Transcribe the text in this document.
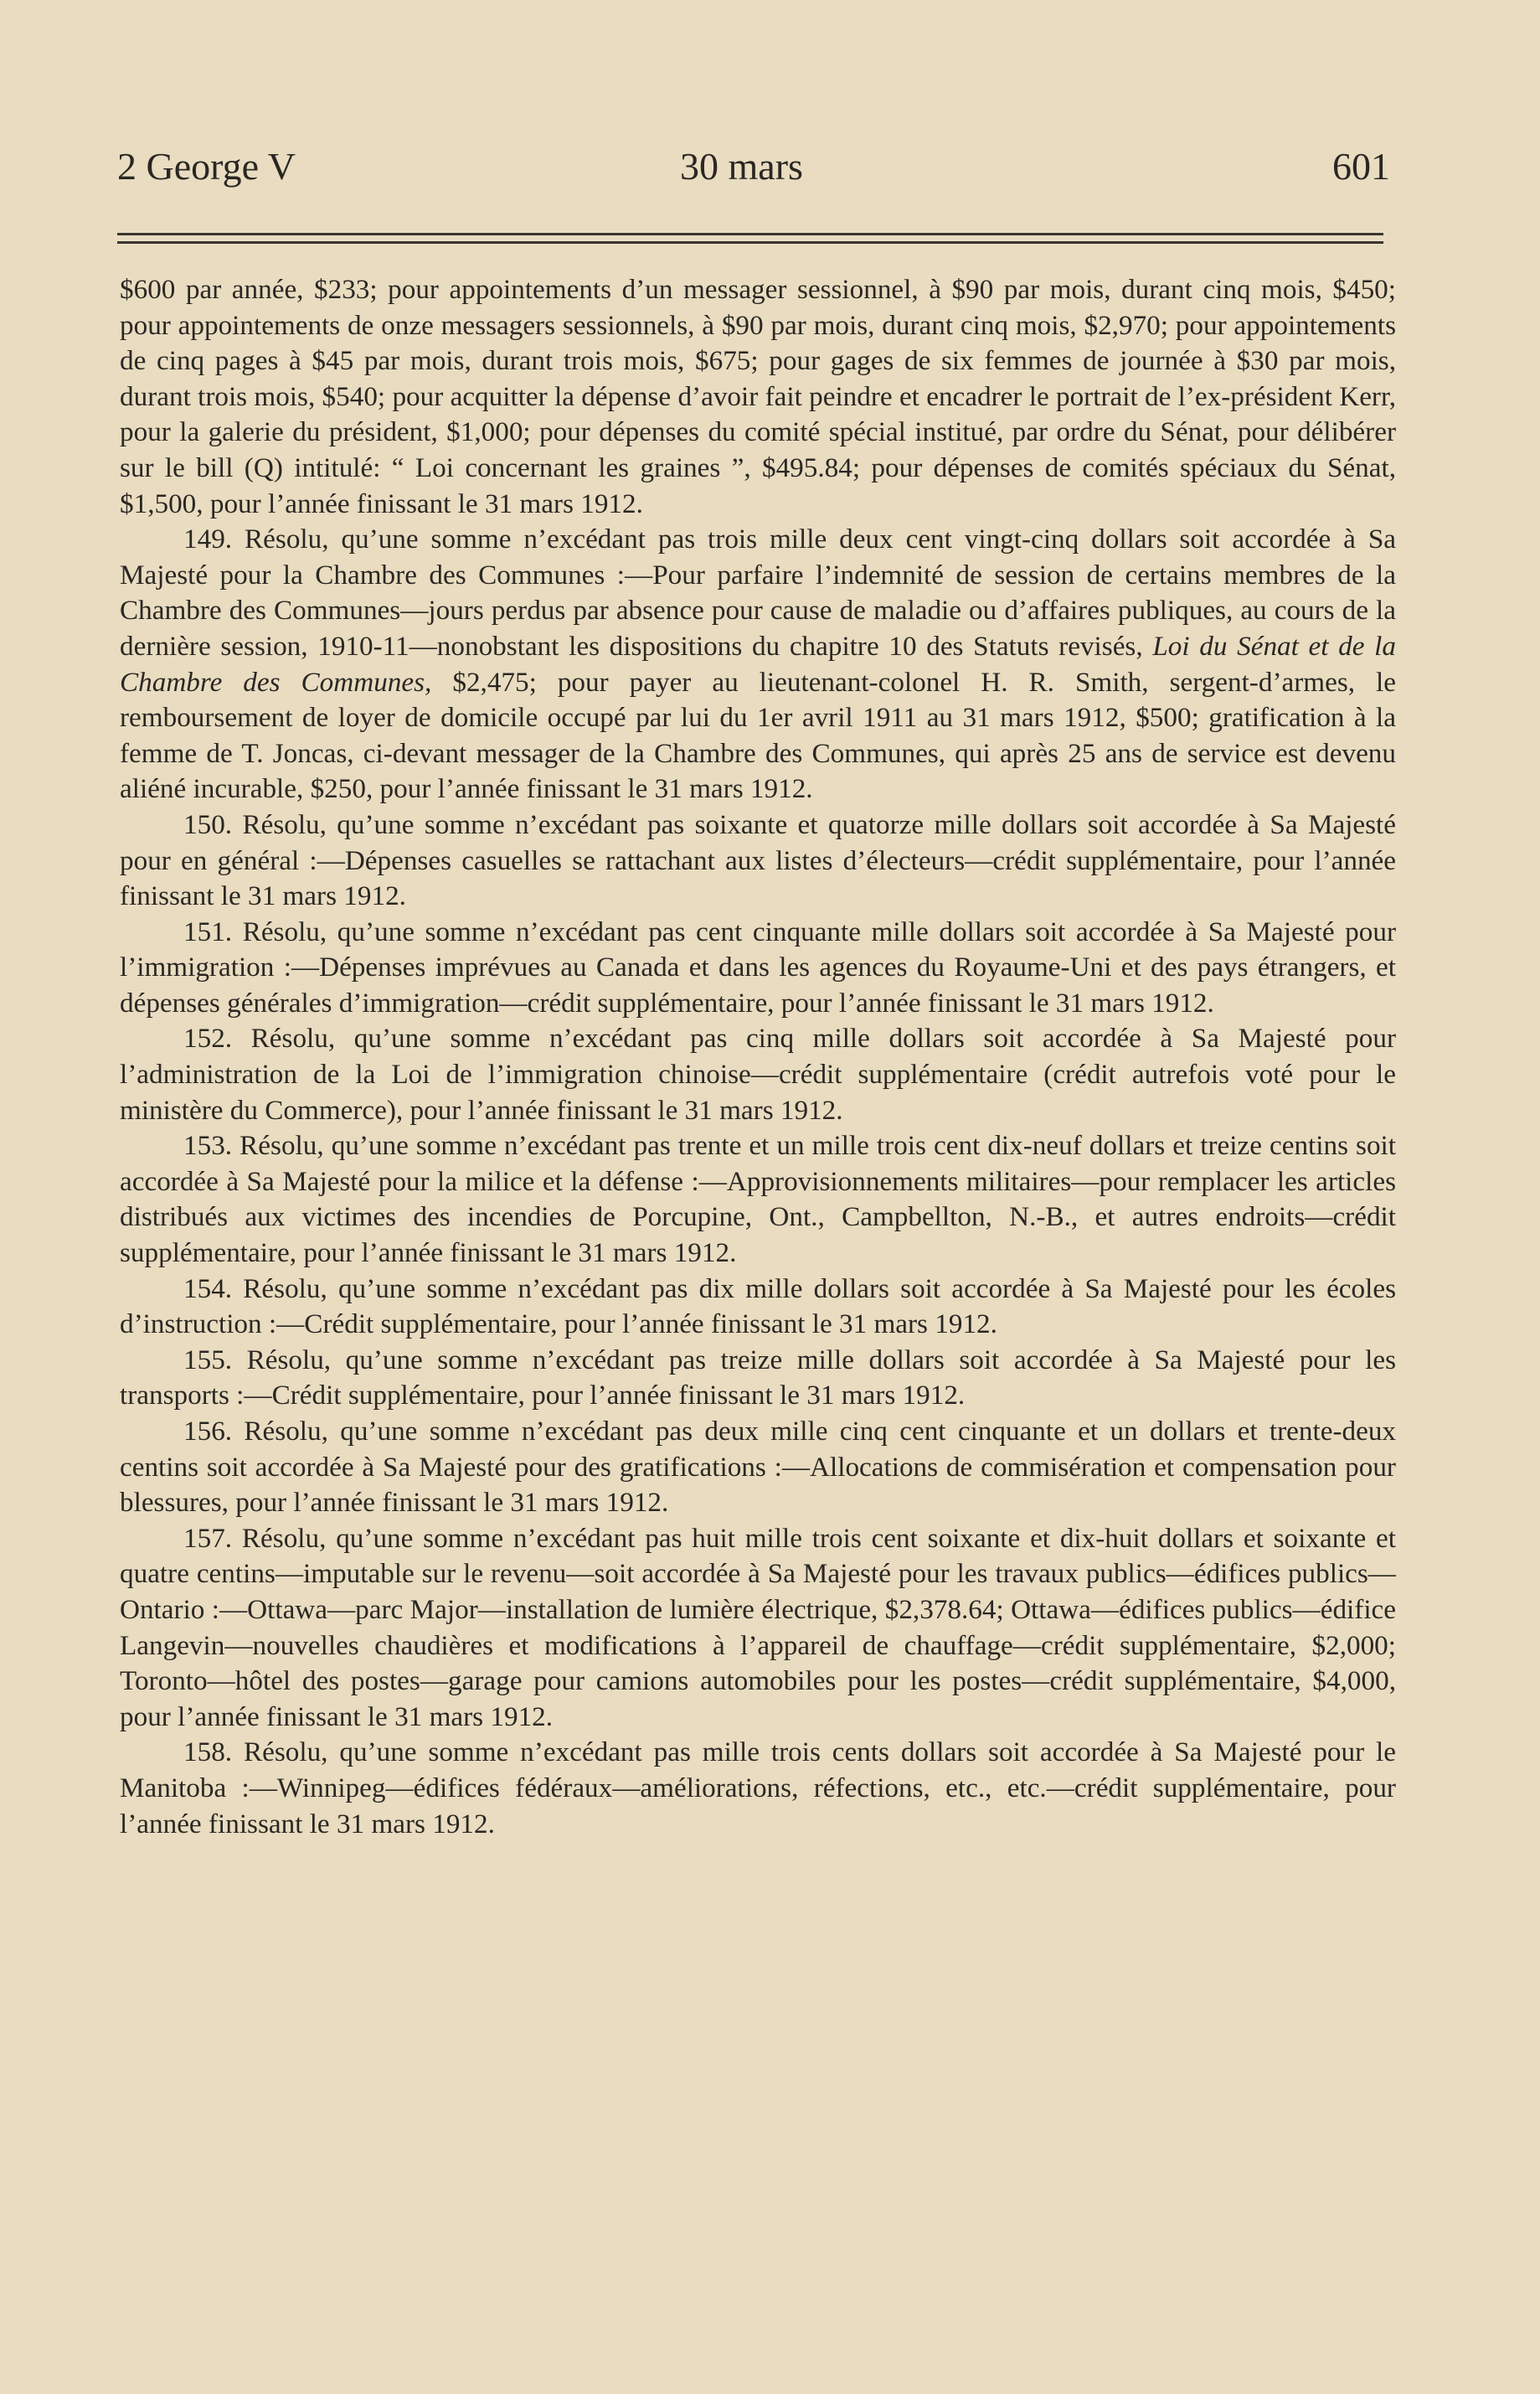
2 George V	30 mars	601

$600 par année, $233; pour appointements d’un messager sessionnel, à $90 par mois, durant cinq mois, $450; pour appointements de onze messagers sessionnels, à $90 par mois, durant cinq mois, $2,970; pour appointements de cinq pages à $45 par mois, durant trois mois, $675; pour gages de six femmes de journée à $30 par mois, durant trois mois, $540; pour acquitter la dépense d’avoir fait peindre et encadrer le portrait de l’ex-président Kerr, pour la galerie du président, $1,000; pour dépenses du comité spécial institué, par ordre du Sénat, pour délibérer sur le bill (Q) intitulé: “ Loi concernant les graines ”, $495.84; pour dépenses de comités spéciaux du Sénat, $1,500, pour l’année finissant le 31 mars 1912.

149. Résolu, qu’une somme n’excédant pas trois mille deux cent vingt-cinq dollars soit accordée à Sa Majesté pour la Chambre des Communes :—Pour parfaire l’indemnité de session de certains membres de la Chambre des Communes—jours perdus par absence pour cause de maladie ou d’affaires publiques, au cours de la dernière session, 1910-11—nonobstant les dispositions du chapitre 10 des Statuts revisés, Loi du Sénat et de la Chambre des Communes, $2,475; pour payer au lieutenant-colonel H. R. Smith, sergent-d’armes, le remboursement de loyer de domicile occupé par lui du 1er avril 1911 au 31 mars 1912, $500; gratification à la femme de T. Joncas, ci-devant messager de la Chambre des Communes, qui après 25 ans de service est devenu aliéné incurable, $250, pour l’année finissant le 31 mars 1912.

150. Résolu, qu’une somme n’excédant pas soixante et quatorze mille dollars soit accordée à Sa Majesté pour en général :—Dépenses casuelles se rattachant aux listes d’électeurs—crédit supplémentaire, pour l’année finissant le 31 mars 1912.

151. Résolu, qu’une somme n’excédant pas cent cinquante mille dollars soit accordée à Sa Majesté pour l’immigration :—Dépenses imprévues au Canada et dans les agences du Royaume-Uni et des pays étrangers, et dépenses générales d’immigration—crédit supplémentaire, pour l’année finissant le 31 mars 1912.

152. Résolu, qu’une somme n’excédant pas cinq mille dollars soit accordée à Sa Majesté pour l’administration de la Loi de l’immigration chinoise—crédit supplémentaire (crédit autrefois voté pour le ministère du Commerce), pour l’année finissant le 31 mars 1912.

153. Résolu, qu’une somme n’excédant pas trente et un mille trois cent dix-neuf dollars et treize centins soit accordée à Sa Majesté pour la milice et la défense :—Approvisionnements militaires—pour remplacer les articles distribués aux victimes des incendies de Porcupine, Ont., Campbellton, N.-B., et autres endroits—crédit supplémentaire, pour l’année finissant le 31 mars 1912.

154. Résolu, qu’une somme n’excédant pas dix mille dollars soit accordée à Sa Majesté pour les écoles d’instruction :—Crédit supplémentaire, pour l’année finissant le 31 mars 1912.

155. Résolu, qu’une somme n’excédant pas treize mille dollars soit accordée à Sa Majesté pour les transports :—Crédit supplémentaire, pour l’année finissant le 31 mars 1912.

156. Résolu, qu’une somme n’excédant pas deux mille cinq cent cinquante et un dollars et trente-deux centins soit accordée à Sa Majesté pour des gratifications :—Allocations de commisération et compensation pour blessures, pour l’année finissant le 31 mars 1912.

157. Résolu, qu’une somme n’excédant pas huit mille trois cent soixante et dix-huit dollars et soixante et quatre centins—imputable sur le revenu—soit accordée à Sa Majesté pour les travaux publics—édifices publics—Ontario :—Ottawa—parc Major—installation de lumière électrique, $2,378.64; Ottawa—édifices publics—édifice Langevin—nouvelles chaudières et modifications à l’appareil de chauffage—crédit supplémentaire, $2,000; Toronto—hôtel des postes—garage pour camions automobiles pour les postes—crédit supplémentaire, $4,000, pour l’année finissant le 31 mars 1912.

158. Résolu, qu’une somme n’excédant pas mille trois cents dollars soit accordée à Sa Majesté pour le Manitoba :—Winnipeg—édifices fédéraux—améliorations, réfections, etc., etc.—crédit supplémentaire, pour l’année finissant le 31 mars 1912.
